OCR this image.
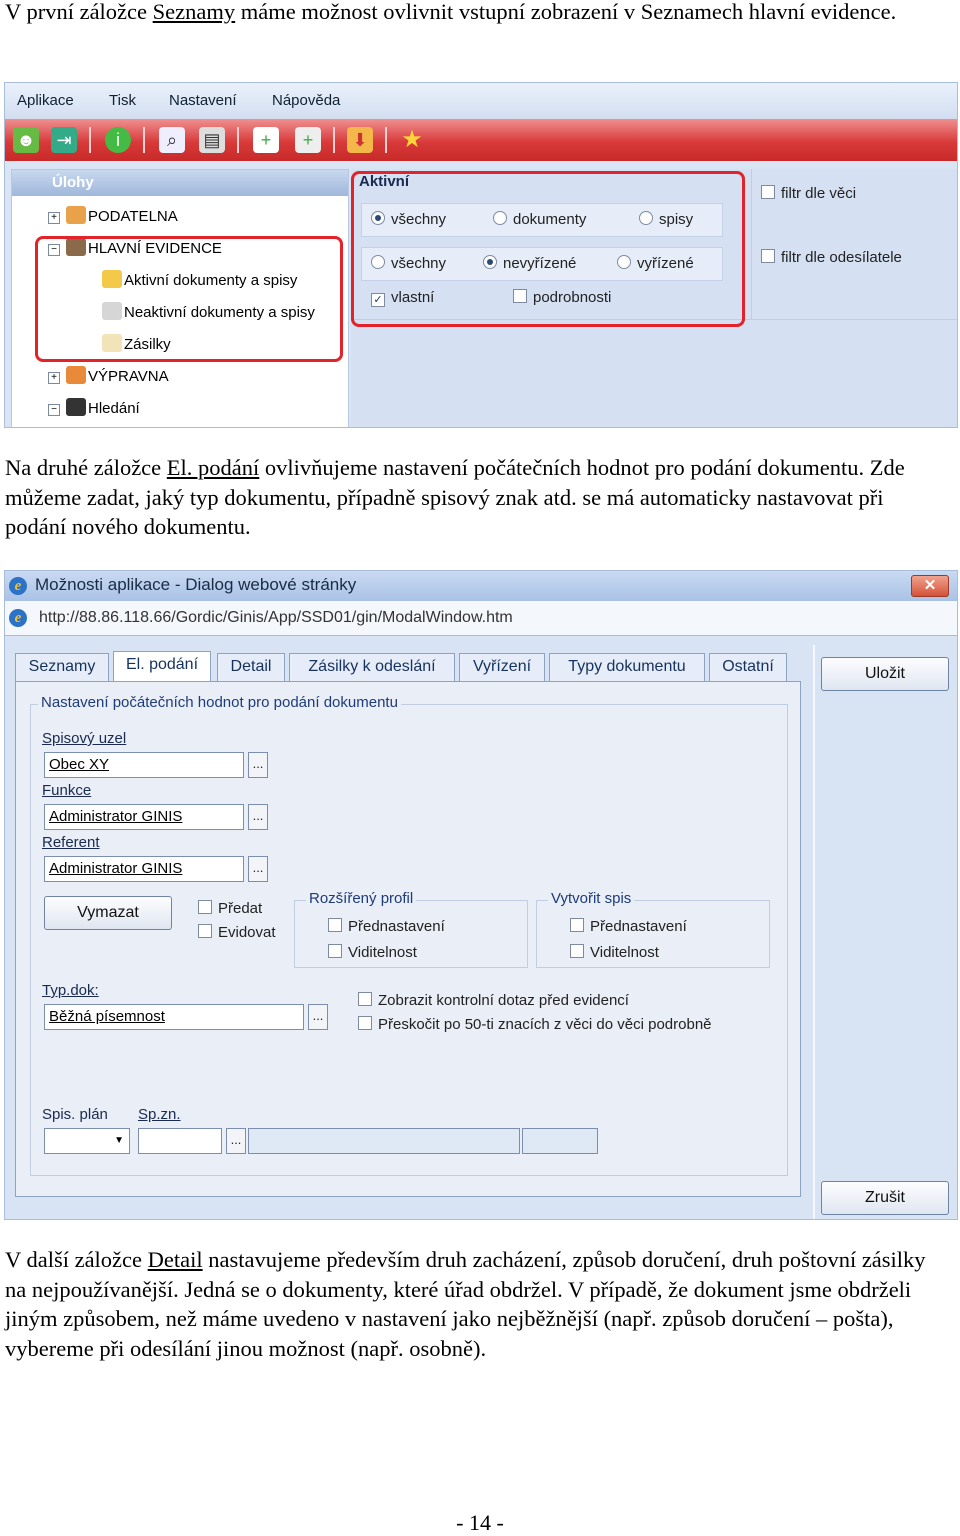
V první záložce Seznamy máme možnost ovlivnit vstupní zobrazení v Seznamech hlavní evidence.
Aplikace Tisk Nastavení Nápověda
☻	⇥	i	⌕	▤	+	+	⬇ ★
Úlohy
+ PODATELNA
− HLAVNÍ EVIDENCE
Aktivní dokumenty a spisy
Neaktivní dokumenty a spisy
Zásilky
+ VÝPRAVNA
− Hledání
Aktivní
všechny	dokumenty	spisy
všechny	nevyřízené	vyřízené
✓ vlastní	podrobnosti
filtr dle věci
filtr dle odesílatele
Na druhé záložce El. podání ovlivňujeme nastavení počátečních hodnot pro podání dokumentu. Zde můžeme zadat, jaký typ dokumentu, případně spisový znak atd. se má automaticky nastavovat při podání nového dokumentu.
e Možnosti aplikace - Dialog webové stránky	✕
e	http://88.86.118.66/Gordic/Ginis/App/SSD01/gin/ModalWindow.htm
Seznamy	El. podání	Detail	Zásilky k odeslání	Vyřízení	Typy dokumentu	Ostatní
Nastavení počátečních hodnot pro podání dokumentu
Spisový uzel
Obec XY	...
Funkce
Administrator GINIS	...
Referent
Administrator GINIS	...
Vymazat	Předat
Evidovat
Rozšířený profil
Přednastavení
Viditelnost
Vytvořit spis
Přednastavení
Viditelnost
Typ.dok:
Běžná písemnost	...
Zobrazit kontrolní dotaz před evidencí
Přeskočit po 50-ti znacích z věci do věci podrobně
Spis. plán
▼
Sp.zn.
...
Uložit
Zrušit
V další záložce Detail nastavujeme především druh zacházení, způsob doručení, druh poštovní zásilky na nejpoužívanější. Jedná se o dokumenty, které úřad obdržel. V případě, že dokument jsme obdrželi jiným způsobem, než máme uvedeno v nastavení jako nejběžnější (např. způsob doručení – pošta), vybereme při odesílání jinou možnost (např. osobně).
- 14 -
